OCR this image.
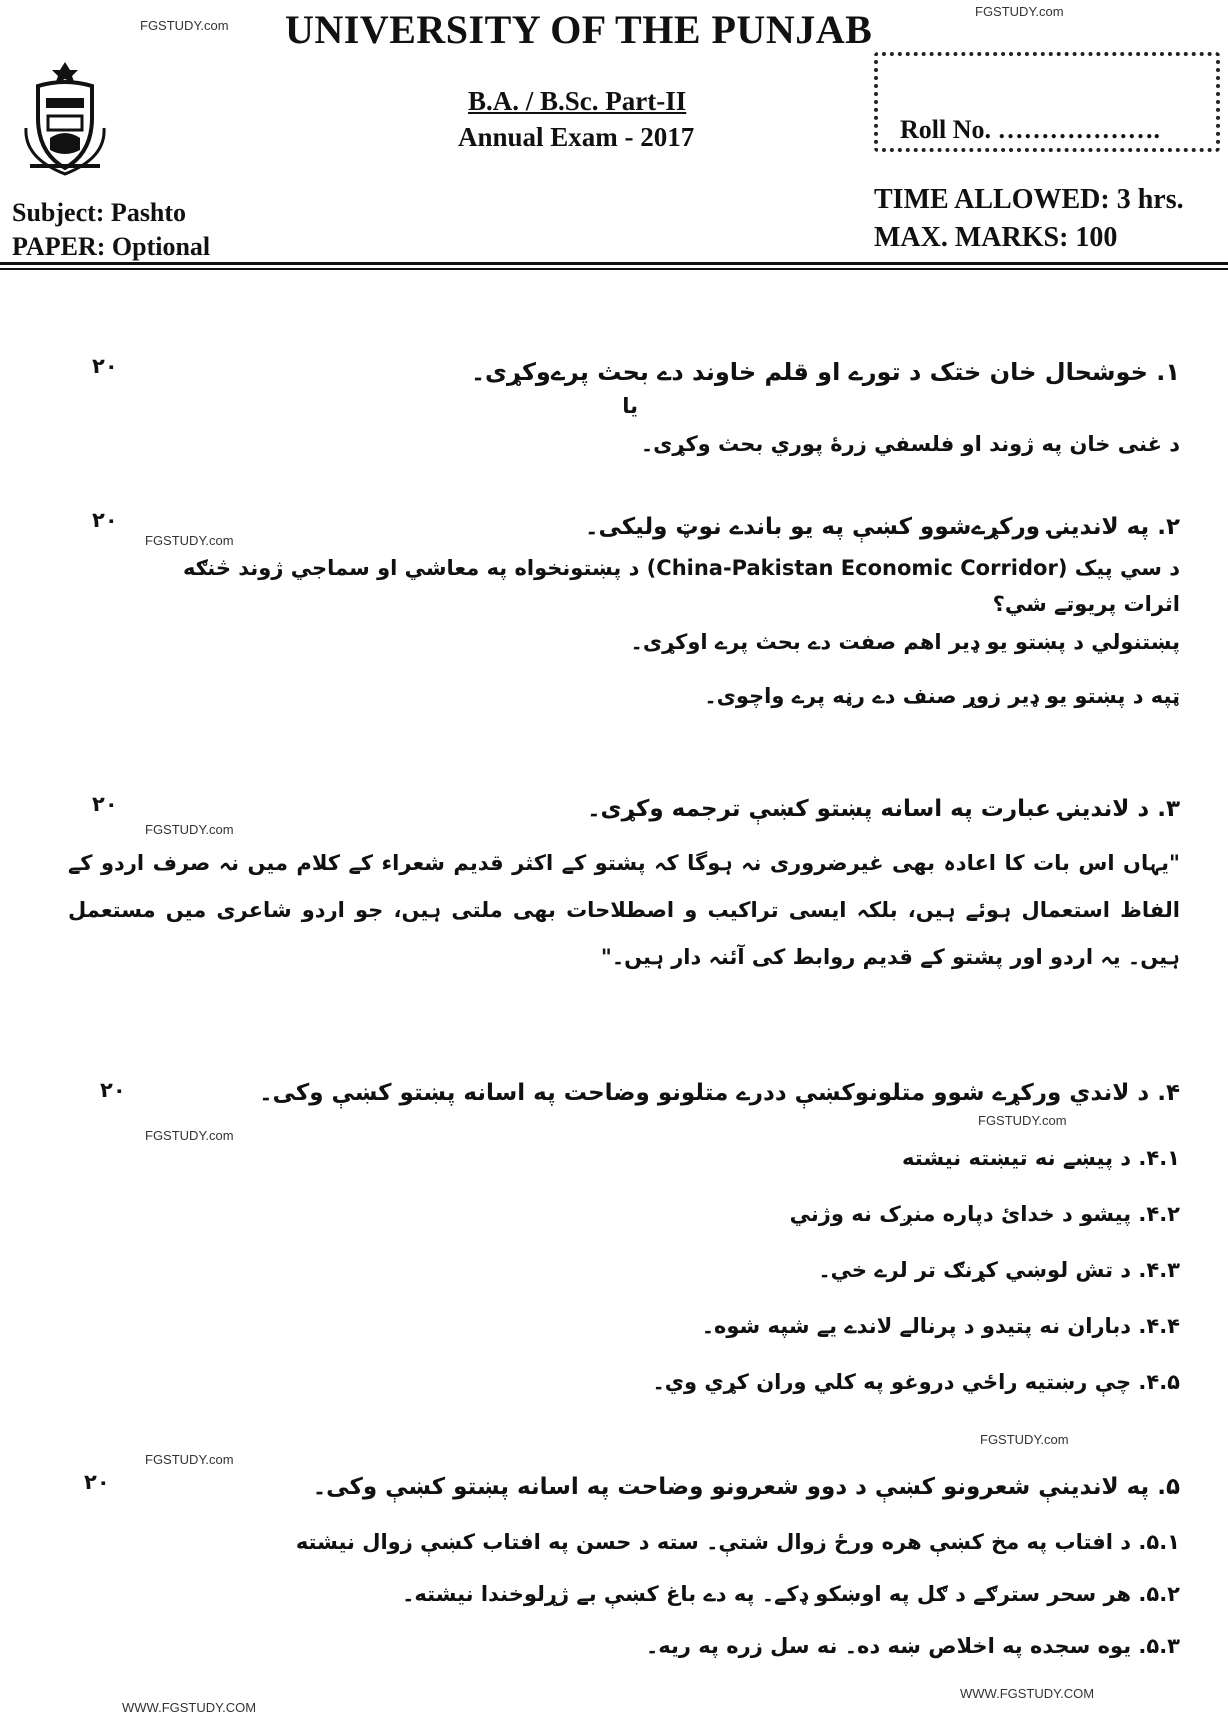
FGSTUDY.com
FGSTUDY.com
UNIVERSITY OF THE PUNJAB
B.A. / B.Sc. Part-II
Annual Exam - 2017	Roll No. ……………….
Subject: Pashto
PAPER: Optional
TIME ALLOWED: 3 hrs.
MAX. MARKS: 100
۲۰	۱. خوشحال خان ختک د تورے او قلم خاوند دے بحث پرےوکړی۔
یا
د غنی خان په ژوند او فلسفي زرۀ پوري بحث وکړی۔
۲۰
FGSTUDY.com
۲. په لاندینۍ ورکړےشوو کښې په یو باندے نوټ ولیکی۔
د سي پیک (China-Pakistan Economic Corridor) د پښتونخواه په معاشي او سماجي ژوند څنګه
اثرات پریوتے شي؟
پښتنولي د پښتو یو ډیر اهم صفت دے بحث پرے اوکړی۔
ټپه د پښتو یو ډیر زوړ صنف دے رڼه پرے واچوی۔
۲۰
FGSTUDY.com
۳. د لاندینۍ عبارت په اسانه پښتو کښې ترجمه وکړی۔
"یہاں اس بات کا اعادہ بھی غیرضروری نہ ہوگا کہ پشتو کے اکثر قدیم شعراء کے کلام میں نہ صرف اردو کے الفاظ استعمال ہوئے ہیں، بلکہ ایسی تراکیب و اصطلاحات بھی ملتی ہیں، جو اردو شاعری میں مستعمل ہیں۔ یہ اردو اور پشتو کے قدیم روابط کی آئنہ دار ہیں۔"
۲۰	۴. د لاندي ورکړے شوو متلونوکښې ددرے متلونو وضاحت په اسانه پښتو کښې وکی۔
FGSTUDY.com
FGSTUDY.com
۴.۱. د پیښے نه تیښته نیشته
۴.۲. پیشو د خدائ دپاره منږک نه وژني
۴.۳. د تش لوښي کړنګ تر لرے خي۔
۴.۴. دباران نه پتیدو د پرنالے لاندے یے شپه شوه۔
۴.۵. چې رښتیه راځي دروغو په کلي وران کړي وي۔
FGSTUDY.com
FGSTUDY.com
۲۰	۵. په لاندینې شعرونو کښې د دوو شعرونو وضاحت په اسانه پښتو کښې وکی۔
۵.۱. د افتاب په مخ کښې هره ورځ زوال شتې۔ سته د حسن په افتاب کښې زوال نیشته
۵.۲. هر سحر سترګے د ګل په اوښکو ډکے۔ په دے باغ کښې بے ژړلوخندا نیشته۔
۵.۳. یوه سجده په اخلاص ښه ده۔ نه سل زره په ریه۔
WWW.FGSTUDY.COM
WWW.FGSTUDY.COM
